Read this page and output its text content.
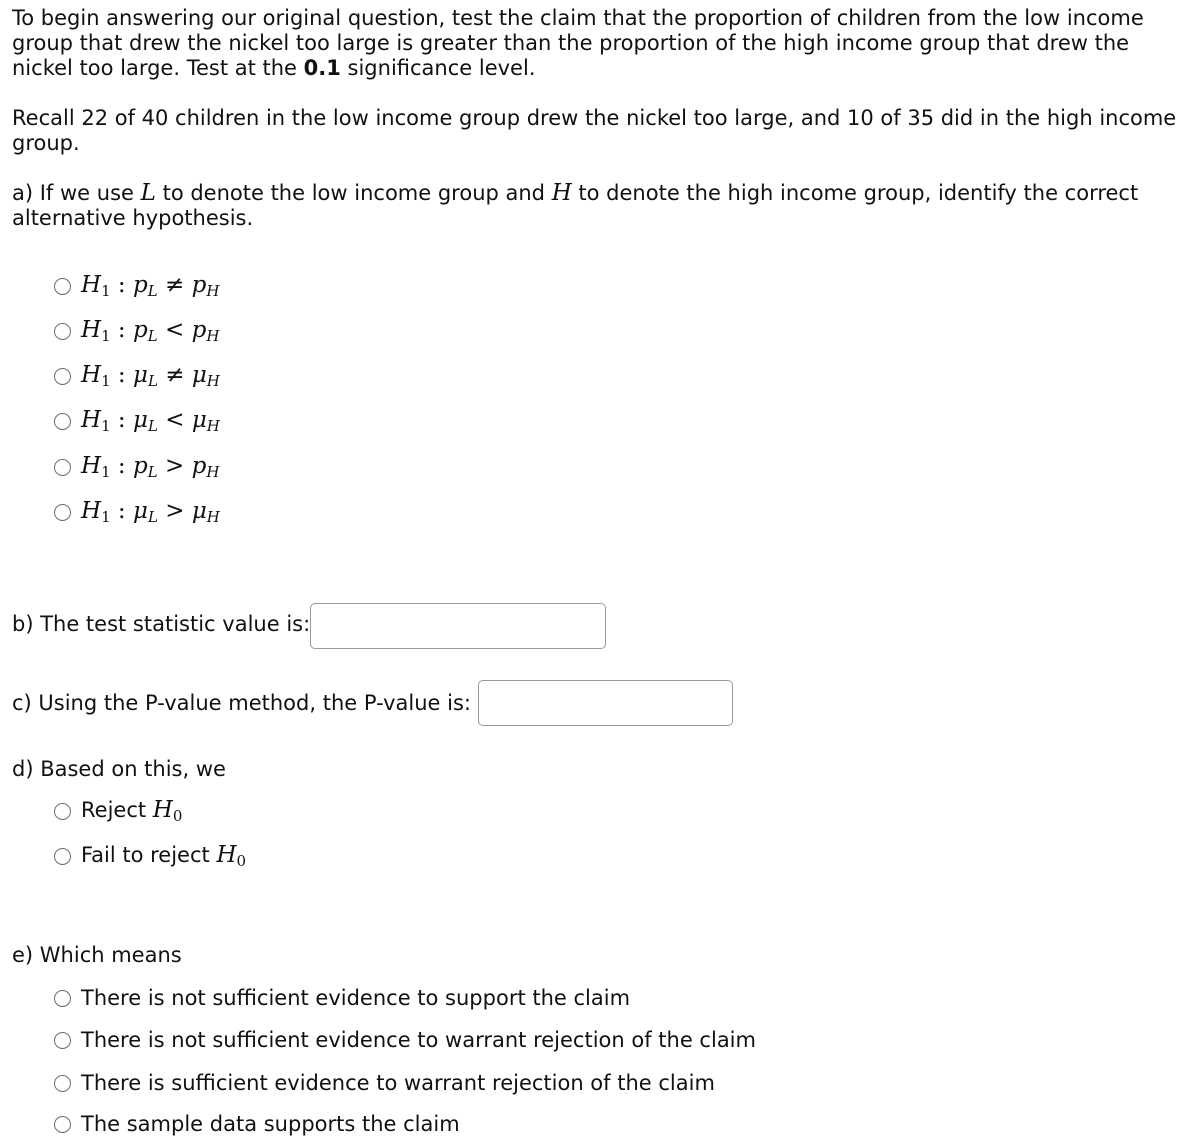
To begin answering our original question, test the claim that the proportion of children from the low income
group that drew the nickel too large is greater than the proportion of the high income group that drew the
nickel too large. Test at the 0.1 significance level.
Recall 22 of 40 children in the low income group drew the nickel too large, and 10 of 35 did in the high income
group.
a) If we use L to denote the low income group and H to denote the high income group, identify the correct
alternative hypothesis.
$H_1$ : $p_L \ne p_H$
$H_1$ : $p_L < p_H$
$H_1$ : $\mu_L \ne \mu_H$
$H_1$ : $\mu_L < \mu_H$
$H_1$ : $p_L > p_H$
$H_1$ : $\mu_L > \mu_H$
b) The test statistic value is:
c) Using the P-value method, the P-value is:
d) Based on this, we
Reject $H_0$
Fail to reject $H_0$
e) Which means
There is not sufficient evidence to support the claim
There is not sufficient evidence to warrant rejection of the claim
There is sufficient evidence to warrant rejection of the claim
The sample data supports the claim
